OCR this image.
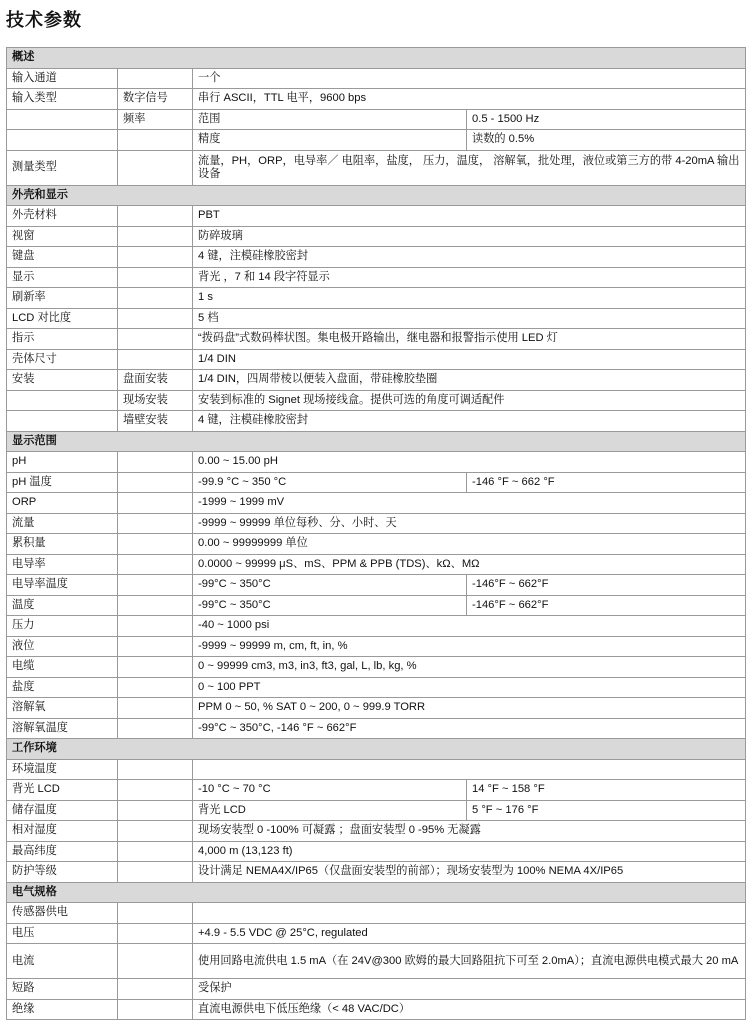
技术参数
概述			
输入通道		一个	
输入类型	数字信号	串行 ASCII，TTL 电平，9600 bps	
	频率	范围	0.5 - 1500 Hz
		精度	读数的 0.5%
测量类型		流量，PH，ORP，电导率／ 电阻率，盐度， 压力，温度， 溶解氧，批处理，液位或第三方的带 4-20mA 输出设备	
外壳和显示			
外壳材料		PBT	
视窗		防碎玻璃	
键盘		4 键，注模硅橡胶密封	
显示		背光 ，7 和 14 段字符显示	
刷新率		1 s	
LCD 对比度		5 档	
指示		“拨码盘”式数码棒状图。集电极开路输出，继电器和报警指示使用 LED 灯	
壳体尺寸		1/4 DIN	
安装	盘面安装	1/4 DIN，四周带棱以便装入盘面，带硅橡胶垫圈	
	现场安装	安装到标准的 Signet 现场接线盒。提供可选的角度可调适配件	
	墙壁安装	4 键，注模硅橡胶密封	
显示范围			
pH		0.00 ~ 15.00 pH	
pH 温度		-99.9 °C ~ 350 °C	-146 °F ~ 662 °F
ORP		-1999 ~ 1999 mV	
流量		-9999 ~ 99999 单位每秒、分、小时、天	
累积量		0.00 ~ 99999999 单位	
电导率		0.0000 ~ 99999 μS、mS、PPM & PPB (TDS)、kΩ、MΩ	
电导率温度		-99°C ~ 350°C	-146°F ~ 662°F
温度		-99°C ~ 350°C	-146°F ~ 662°F
压力		-40 ~ 1000 psi	
液位		-9999 ~ 99999 m, cm, ft, in, %	
电缆		0 ~ 99999 cm3, m3, in3, ft3, gal, L, lb, kg, %	
盐度		0 ~ 100 PPT	
溶解氧		PPM 0 ~ 50, % SAT 0 ~ 200, 0 ~ 999.9 TORR	
溶解氧温度		-99°C ~ 350°C, -146 °F ~ 662°F	
工作环境			
环境温度			
背光 LCD		-10 °C ~ 70 °C	14 °F ~ 158 °F
储存温度		背光 LCD	5 °F ~ 176 °F
相对湿度		现场安装型 0 -100% 可凝露 ；盘面安装型 0 -95% 无凝露	
最高纬度		4,000 m (13,123 ft)	
防护等级		设计满足 NEMA4X/IP65（仅盘面安装型的前部）；现场安装型为 100% NEMA 4X/IP65	
电气规格			
传感器供电			
电压		+4.9 - 5.5 VDC @ 25°C, regulated	
电流		使用回路电流供电 1.5 mA（在 24V@300 欧姆的最大回路阻抗下可至 2.0mA）；直流电源供电模式最大 20 mA	
短路		受保护	
绝缘		直流电源供电下低压绝缘（< 48 VAC/DC）	
